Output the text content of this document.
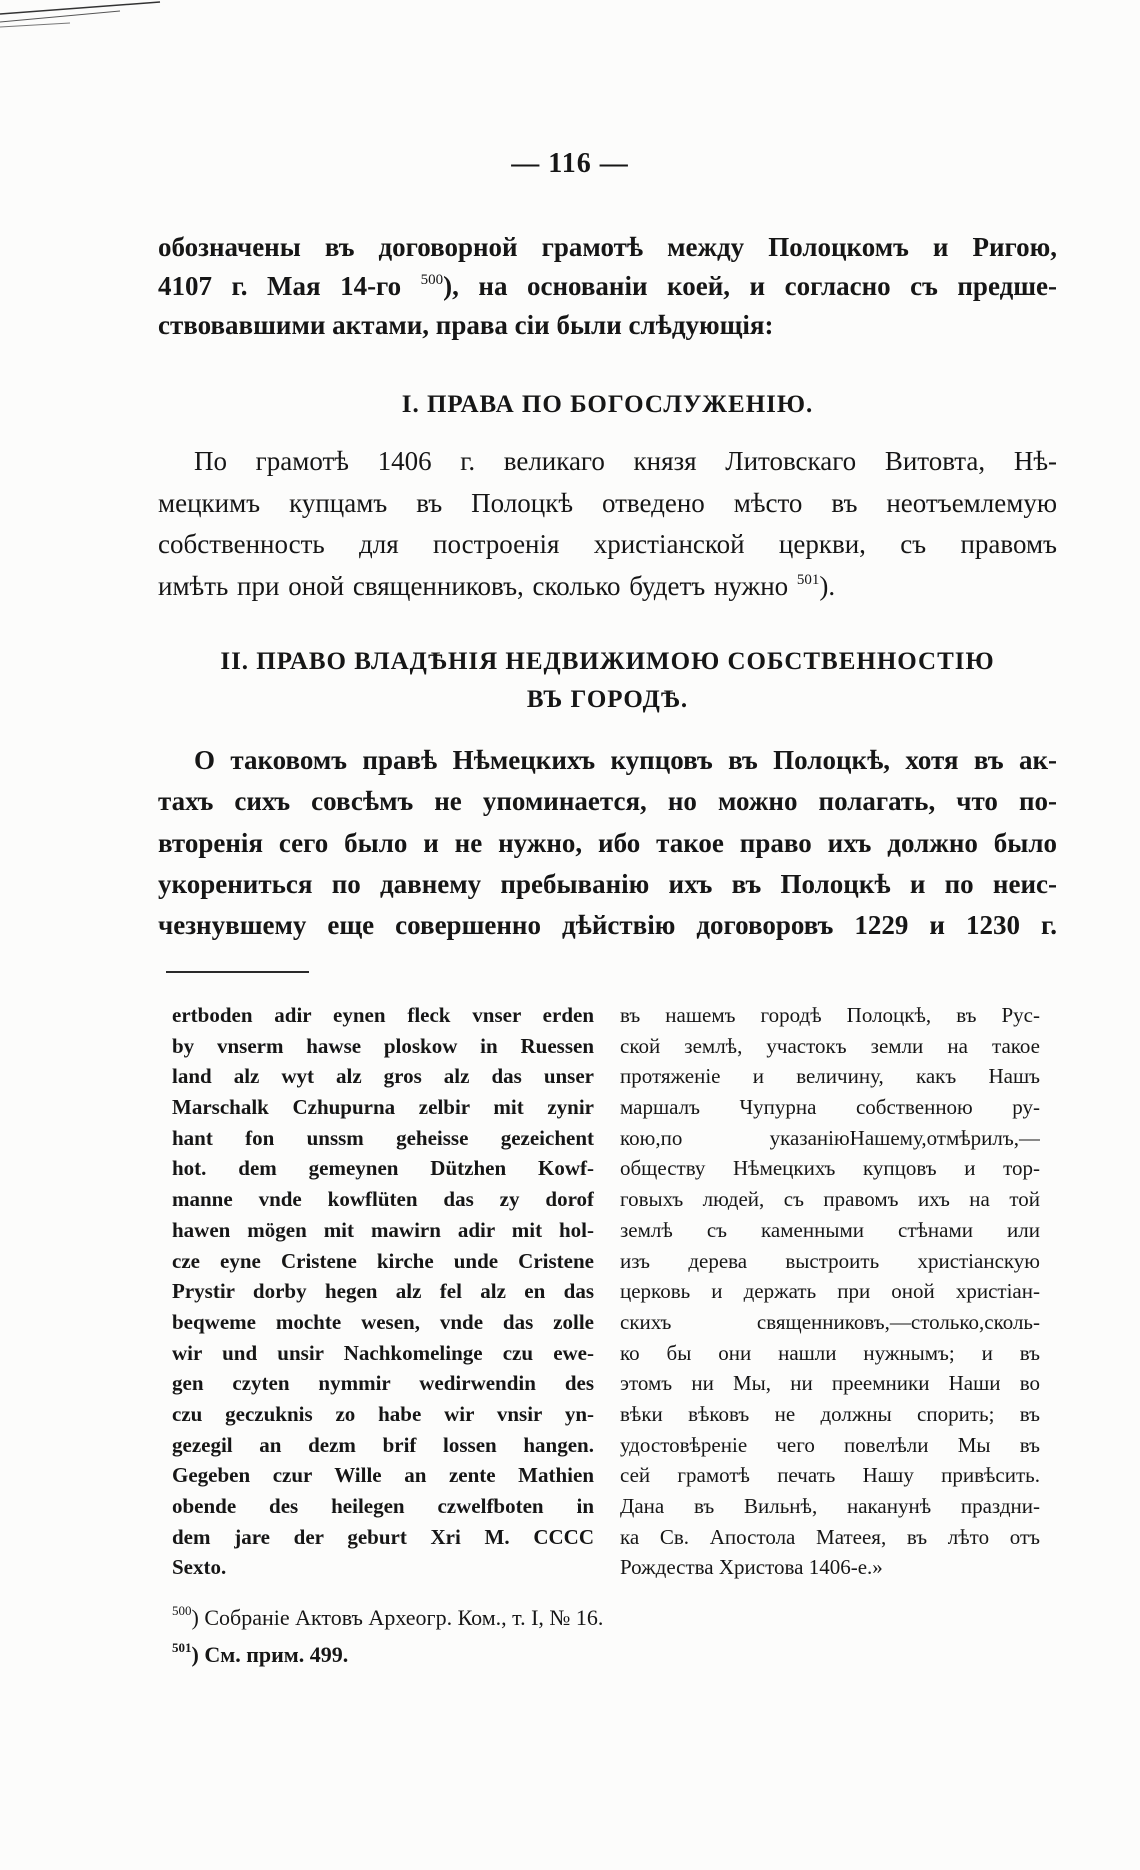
— 116 —
обозначены въ договорной грамотѣ между Полоцкомъ и Ригою,
4107 г. Мая 14-го $^{500}$), на основаніи коей, и согласно съ предше-
ствовавшими актами, права сіи были слѣдующія:
I. ПРАВА ПО БОГОСЛУЖЕНІЮ.
По грамотѣ 1406 г. великаго князя Литовскаго Витовта, Нѣ-
мецкимъ купцамъ въ Полоцкѣ отведено мѣсто въ неотъемлемую
собственность для построенія христіанской церкви, съ правомъ
имѣть при оной священниковъ, сколько будетъ нужно $^{501}$).
II. ПРАВО ВЛАДѢНІЯ НЕДВИЖИМОЮ СОБСТВЕННОСТІЮ
ВЪ ГОРОДѢ.
О таковомъ правѣ Нѣмецкихъ купцовъ въ Полоцкѣ, хотя въ ак-
тахъ сихъ совсѣмъ не упоминается, но можно полагать, что по-
вторенія сего было и не нужно, ибо такое право ихъ должно было
укорениться по давнему пребыванію ихъ въ Полоцкѣ и по неис-
чезнувшему еще совершенно дѣйствію договоровъ 1229 и 1230 г.
ertboden adir eynen fleck vnser erden
by vnserm hawse ploskow in Ruessen
land alz wyt alz gros alz das unser
Marschalk Czhupurna zelbir mit zynir
hant fon unssm geheisse gezeichent
hot. dem gemeynen Dützhen Kowf-
manne vnde kowflüten das zy dorof
hawen mögen mit mawirn adir mit hol-
cze eyne Cristene kirche unde Cristene
Prystir dorby hegen alz fel alz en das
beqweme mochte wesen, vnde das zolle
wir und unsir Nachkomelinge czu ewe-
gen czyten nymmir wedirwendin des
czu geczuknis zo habe wir vnsir yn-
gezegil an dezm brif lossen hangen.
Gegeben czur Wille an zente Mathien
obende des heilegen czwelfboten in
dem jare der geburt Xri M. CCCC
Sexto.
въ нашемъ городѣ Полоцкѣ, въ Рус-
ской землѣ, участокъ земли на такое
протяженіе и величину, какъ Нашъ
маршалъ Чупурна собственною ру-
кою,по указаніюНашему,отмѣрилъ,—
обществу Нѣмецкихъ купцовъ и тор-
говыхъ людей, съ правомъ ихъ на той
землѣ съ каменными стѣнами или
изъ дерева выстроить христіанскую
церковь и держать при оной христіан-
скихъ священниковъ,—столько,сколь-
ко бы они нашли нужнымъ; и въ
этомъ ни Мы, ни преемники Наши во
вѣки вѣковъ не должны спорить; въ
удостовѣреніе чего повелѣли Мы въ
сей грамотѣ печать Нашу привѣсить.
Дана въ Вильнѣ, наканунѣ праздни-
ка Св. Апостола Матеея, въ лѣто отъ
Рождества Христова 1406-е.»
$^{500}$) Собраніе Актовъ Археогр. Ком., т. I, № 16.
$^{501}$) См. прим. 499.
